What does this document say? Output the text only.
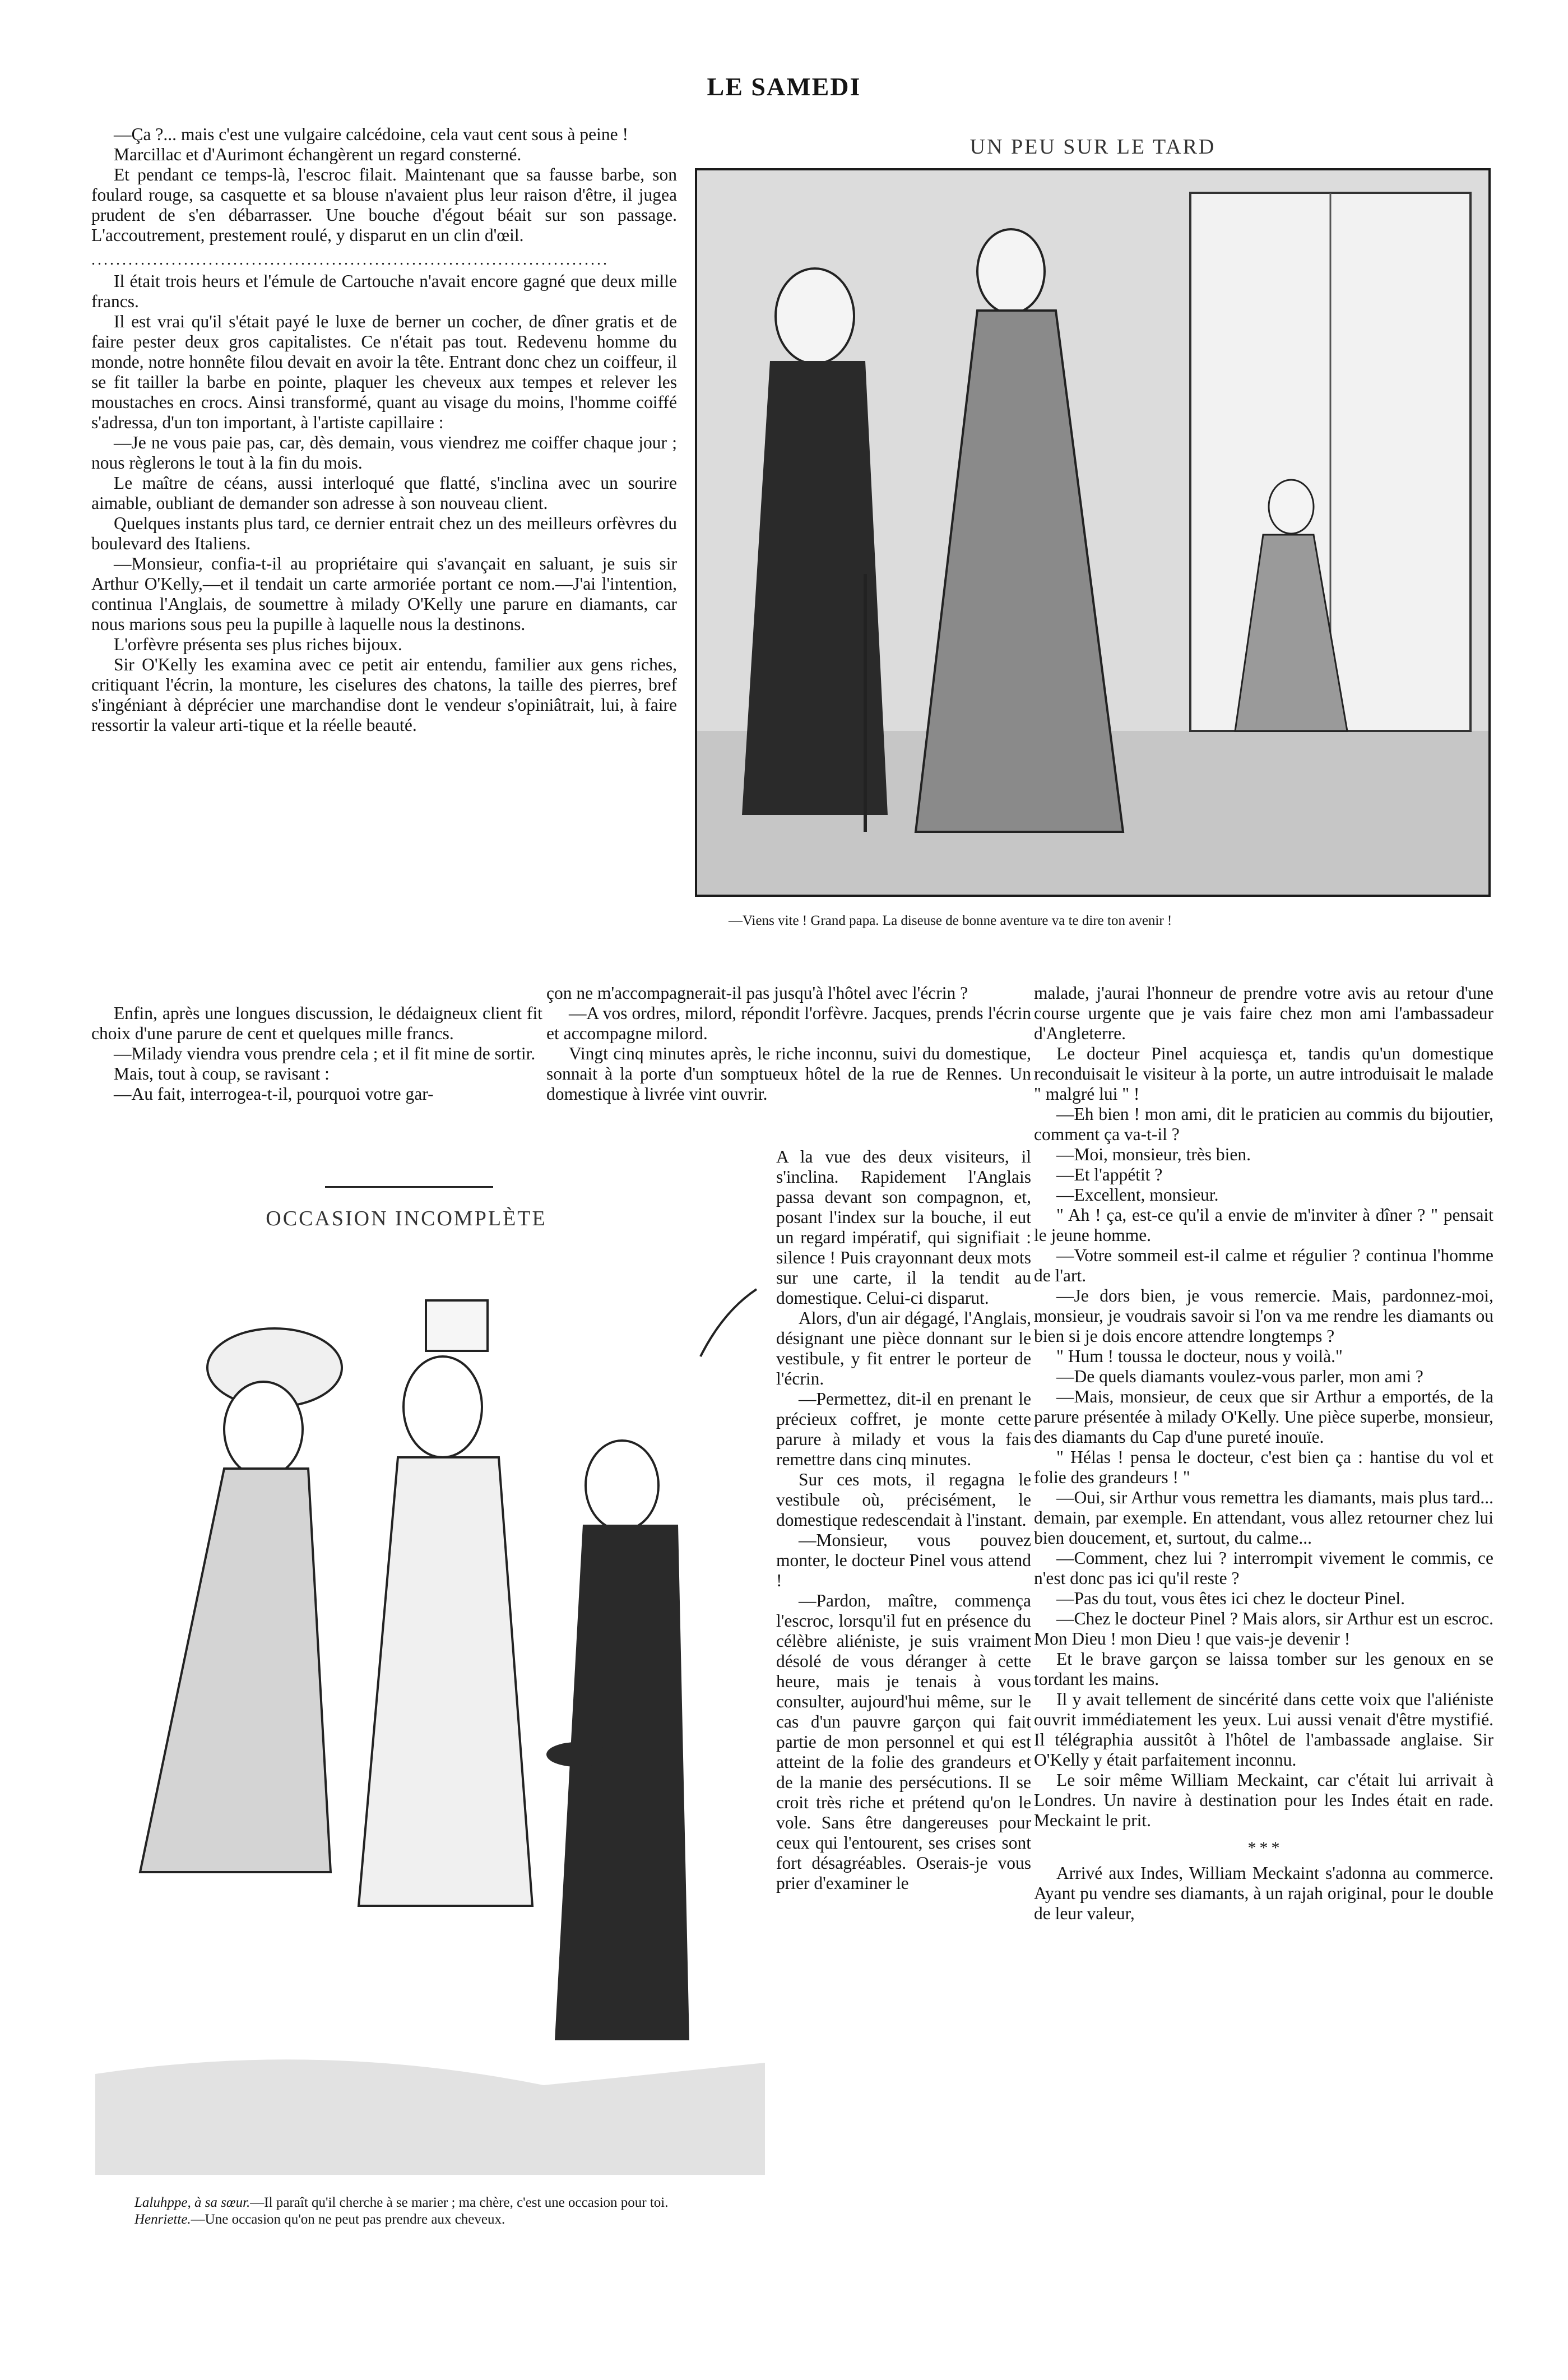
LE SAMEDI

—Ça ?... mais c'est une vulgaire calcédoine, cela vaut cent sous à peine !

Marcillac et d'Aurimont échangèrent un regard consterné.

Et pendant ce temps-là, l'escroc filait. Maintenant que sa fausse barbe, son foulard rouge, sa casquette et sa blouse n'avaient plus leur raison d'être, il jugea prudent de s'en débarrasser. Une bouche d'égout béait sur son passage. L'accoutrement, prestement roulé, y disparut en un clin d'œil.

....................................................................................

Il était trois heurs et l'émule de Cartouche n'avait encore gagné que deux mille francs.

Il est vrai qu'il s'était payé le luxe de berner un cocher, de dîner gratis et de faire pester deux gros capitalistes. Ce n'était pas tout. Redevenu homme du monde, notre honnête filou devait en avoir la tête. Entrant donc chez un coiffeur, il se fit tailler la barbe en pointe, plaquer les cheveux aux tempes et relever les moustaches en crocs. Ainsi transformé, quant au visage du moins, l'homme coiffé s'adressa, d'un ton important, à l'artiste capillaire :

—Je ne vous paie pas, car, dès demain, vous viendrez me coiffer chaque jour ; nous règlerons le tout à la fin du mois.

Le maître de céans, aussi interloqué que flatté, s'inclina avec un sourire aimable, oubliant de demander son adresse à son nouveau client.

Quelques instants plus tard, ce dernier entrait chez un des meilleurs orfèvres du boulevard des Italiens.

—Monsieur, confia-t-il au propriétaire qui s'avançait en saluant, je suis sir Arthur O'Kelly,—et il tendait un carte armoriée portant ce nom.—J'ai l'intention, continua l'Anglais, de soumettre à milady O'Kelly une parure en diamants, car nous marions sous peu la pupille à laquelle nous la destinons.

L'orfèvre présenta ses plus riches bijoux.

Sir O'Kelly les examina avec ce petit air entendu, familier aux gens riches, critiquant l'écrin, la monture, les ciselures des chatons, la taille des pierres, bref s'ingéniant à déprécier une marchandise dont le vendeur s'opiniâtrait, lui, à faire ressortir la valeur arti-tique et la réelle beauté.

Enfin, après une longues discussion, le dédaigneux client fit choix d'une parure de cent et quelques mille francs.

—Milady viendra vous prendre cela ; et il fit mine de sortir.

Mais, tout à coup, se ravisant :

—Au fait, interrogea-t-il, pourquoi votre gar-

UN PEU SUR LE TARD
—Viens vite ! Grand papa. La diseuse de bonne aventure va te dire ton avenir !

çon ne m'accompagnerait-il pas jusqu'à l'hôtel avec l'écrin ?

—A vos ordres, milord, répondit l'orfèvre. Jacques, prends l'écrin et accompagne milord.

Vingt cinq minutes après, le riche inconnu, suivi du domestique, sonnait à la porte d'un somptueux hôtel de la rue de Rennes. Un domestique à livrée vint ouvrir.

A la vue des deux visiteurs, il s'inclina. Rapidement l'Anglais passa devant son compagnon, et, posant l'index sur la bouche, il eut un regard impératif, qui signifiait : silence ! Puis crayonnant deux mots sur une carte, il la tendit au domestique. Celui-ci disparut.

Alors, d'un air dégagé, l'Anglais, désignant une pièce donnant sur le vestibule, y fit entrer le porteur de l'écrin.

—Permettez, dit-il en prenant le précieux coffret, je monte cette parure à milady et vous la fais remettre dans cinq minutes.

Sur ces mots, il regagna le vestibule où, précisément, le domestique redescendait à l'instant.

—Monsieur, vous pouvez monter, le docteur Pinel vous attend !

—Pardon, maître, commença l'escroc, lorsqu'il fut en présence du célèbre aliéniste, je suis vraiment désolé de vous déranger à cette heure, mais je tenais à vous consulter, aujourd'hui même, sur le cas d'un pauvre garçon qui fait partie de mon personnel et qui est atteint de la folie des grandeurs et de la manie des persécutions. Il se croit très riche et prétend qu'on le vole. Sans être dangereuses pour ceux qui l'entourent, ses crises sont fort désagréables. Oserais-je vous prier d'examiner le

OCCASION INCOMPLÈTE
Laluhppe, à sa sœur.—Il paraît qu'il cherche à se marier ; ma chère, c'est une occasion pour toi.
Henriette.—Une occasion qu'on ne peut pas prendre aux cheveux.

malade, j'aurai l'honneur de prendre votre avis au retour d'une course urgente que je vais faire chez mon ami l'ambassadeur d'Angleterre.

Le docteur Pinel acquiesça et, tandis qu'un domestique reconduisait le visiteur à la porte, un autre introduisait le malade " malgré lui " !

—Eh bien ! mon ami, dit le praticien au commis du bijoutier, comment ça va-t-il ?

—Moi, monsieur, très bien.

—Et l'appétit ?

—Excellent, monsieur.

" Ah ! ça, est-ce qu'il a envie de m'inviter à dîner ? " pensait le jeune homme.

—Votre sommeil est-il calme et régulier ? continua l'homme de l'art.

—Je dors bien, je vous remercie. Mais, pardonnez-moi, monsieur, je voudrais savoir si l'on va me rendre les diamants ou bien si je dois encore attendre longtemps ?

" Hum ! toussa le docteur, nous y voilà."

—De quels diamants voulez-vous parler, mon ami ?

—Mais, monsieur, de ceux que sir Arthur a emportés, de la parure présentée à milady O'Kelly. Une pièce superbe, monsieur, des diamants du Cap d'une pureté inouïe.

" Hélas ! pensa le docteur, c'est bien ça : hantise du vol et folie des grandeurs ! "

—Oui, sir Arthur vous remettra les diamants, mais plus tard... demain, par exemple. En attendant, vous allez retourner chez lui bien doucement, et, surtout, du calme...

—Comment, chez lui ? interrompit vivement le commis, ce n'est donc pas ici qu'il reste ?

—Pas du tout, vous êtes ici chez le docteur Pinel.

—Chez le docteur Pinel ? Mais alors, sir Arthur est un escroc. Mon Dieu ! mon Dieu ! que vais-je devenir !

Et le brave garçon se laissa tomber sur les genoux en se tordant les mains.

Il y avait tellement de sincérité dans cette voix que l'aliéniste ouvrit immédiatement les yeux. Lui aussi venait d'être mystifié. Il télégraphia aussitôt à l'hôtel de l'ambassade anglaise. Sir O'Kelly y était parfaitement inconnu.

Le soir même William Meckaint, car c'était lui arrivait à Londres. Un navire à destination pour les Indes était en rade. Meckaint le prit.

* * *

Arrivé aux Indes, William Meckaint s'adonna au commerce. Ayant pu vendre ses diamants, à un rajah original, pour le double de leur valeur,
